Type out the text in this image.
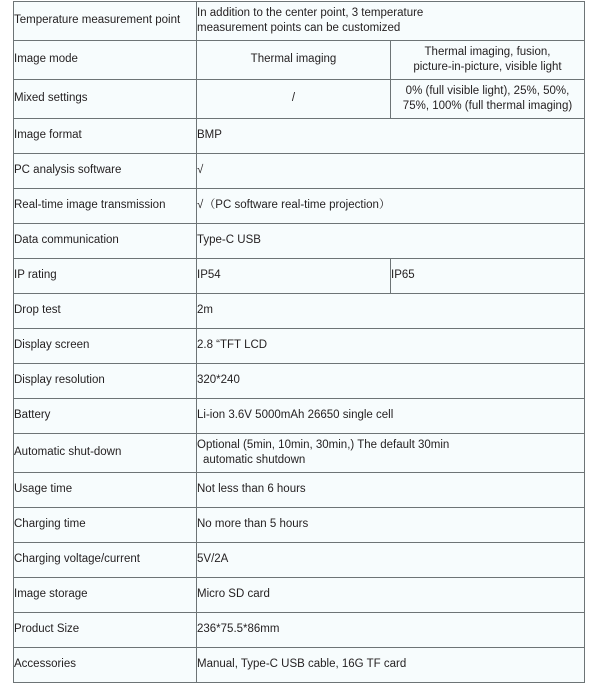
Temperature measurement point	In addition to the center point, 3 temperature
measurement points can be customized	
Image mode	Thermal imaging	Thermal imaging, fusion,
picture-in-picture, visible light
Mixed settings	/	0% (full visible light), 25%, 50%,
75%, 100% (full thermal imaging)
Image format	BMP	
PC analysis software	√	
Real-time image transmission	√（PC software real-time projection）	
Data communication	Type-C USB	
IP rating	IP54	IP65
Drop test	2m	
Display screen	2.8 “TFT LCD	
Display resolution	320*240	
Battery	Li-ion 3.6V 5000mAh 26650 single cell	
Automatic shut-down	Optional (5min, 10min, 30min,) The default 30min

automatic shutdown	

Usage time	Not less than 6 hours	
Charging time	No more than 5 hours	
Charging voltage/current	5V/2A	
Image storage	Micro SD card	
Product Size	236*75.5*86mm	
Accessories	Manual, Type-C USB cable, 16G TF card	
